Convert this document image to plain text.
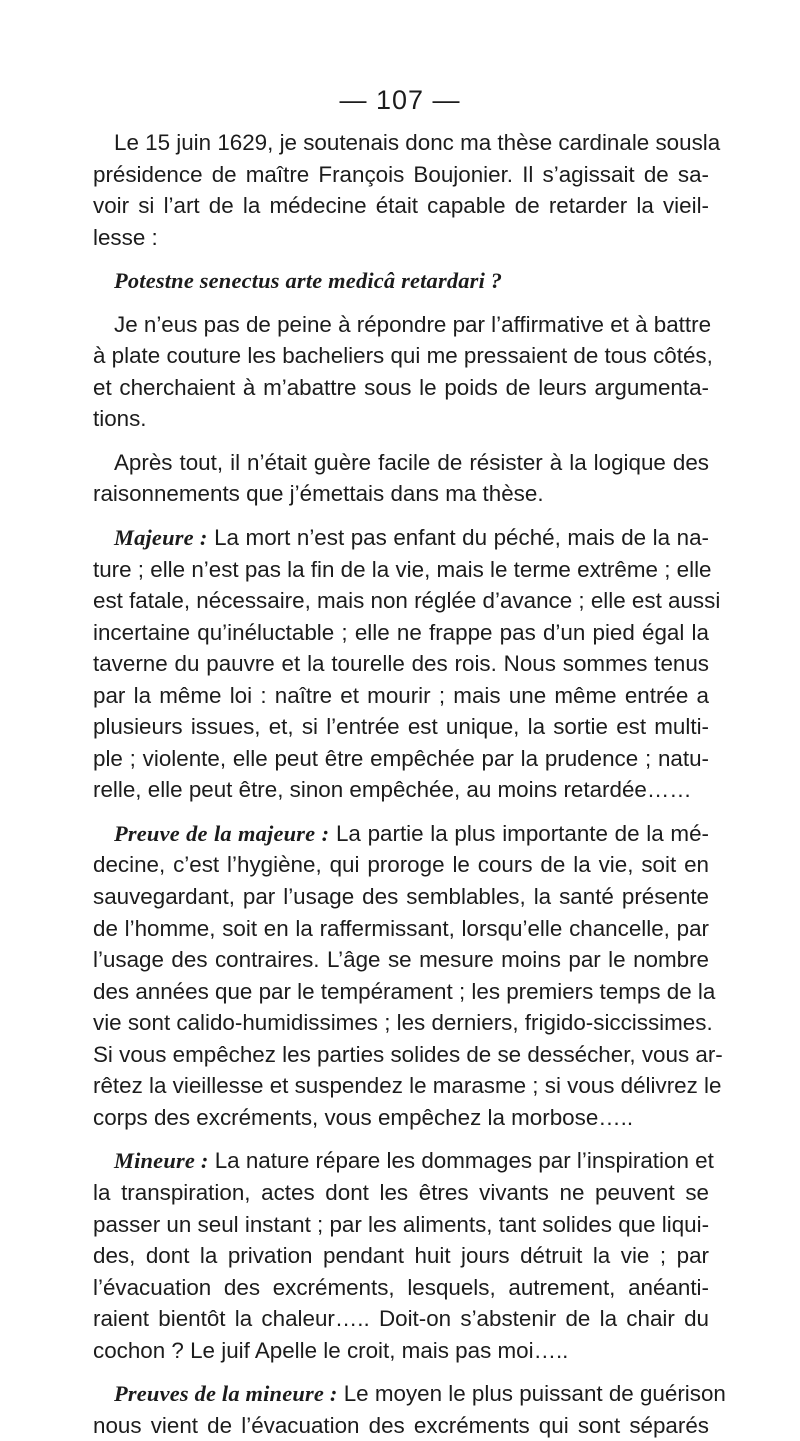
— 107 —
Le 15 juin 1629, je soutenais donc ma thèse cardinale sousla
présidence de maître François Boujonier. Il s’agissait de sa-
voir si l’art de la médecine était capable de retarder la vieil-
lesse :
Potestne senectus arte medicâ retardari ?
Je n’eus pas de peine à répondre par l’affirmative et à battre
à plate couture les bacheliers qui me pressaient de tous côtés,
et cherchaient à m’abattre sous le poids de leurs argumenta-
tions.
Après tout, il n’était guère facile de résister à la logique des
raisonnements que j’émettais dans ma thèse.
Majeure : La mort n’est pas enfant du péché, mais de la na-
ture ; elle n’est pas la fin de la vie, mais le terme extrême ; elle
est fatale, nécessaire, mais non réglée d’avance ; elle est aussi
incertaine qu’inéluctable ; elle ne frappe pas d’un pied égal la
taverne du pauvre et la tourelle des rois. Nous sommes tenus
par la même loi : naître et mourir ; mais une même entrée a
plusieurs issues, et, si l’entrée est unique, la sortie est multi-
ple ; violente, elle peut être empêchée par la prudence ; natu-
relle, elle peut être, sinon empêchée, au moins retardée……
Preuve de la majeure : La partie la plus importante de la mé-
decine, c’est l’hygiène, qui proroge le cours de la vie, soit en
sauvegardant, par l’usage des semblables, la santé présente
de l’homme, soit en la raffermissant, lorsqu’elle chancelle, par
l’usage des contraires. L’âge se mesure moins par le nombre
des années que par le tempérament ; les premiers temps de la
vie sont calido-humidissimes ; les derniers, frigido-siccissimes.
Si vous empêchez les parties solides de se dessécher, vous ar-
rêtez la vieillesse et suspendez le marasme ; si vous délivrez le
corps des excréments, vous empêchez la morbose…..
Mineure : La nature répare les dommages par l’inspiration et
la transpiration, actes dont les êtres vivants ne peuvent se
passer un seul instant ; par les aliments, tant solides que liqui-
des, dont la privation pendant huit jours détruit la vie ; par
l’évacuation des excréments, lesquels, autrement, anéanti-
raient bientôt la chaleur….. Doit-on s’abstenir de la chair du
cochon ? Le juif Apelle le croit, mais pas moi…..
Preuves de la mineure : Le moyen le plus puissant de guérison
nous vient de l’évacuation des excréments qui sont séparés
